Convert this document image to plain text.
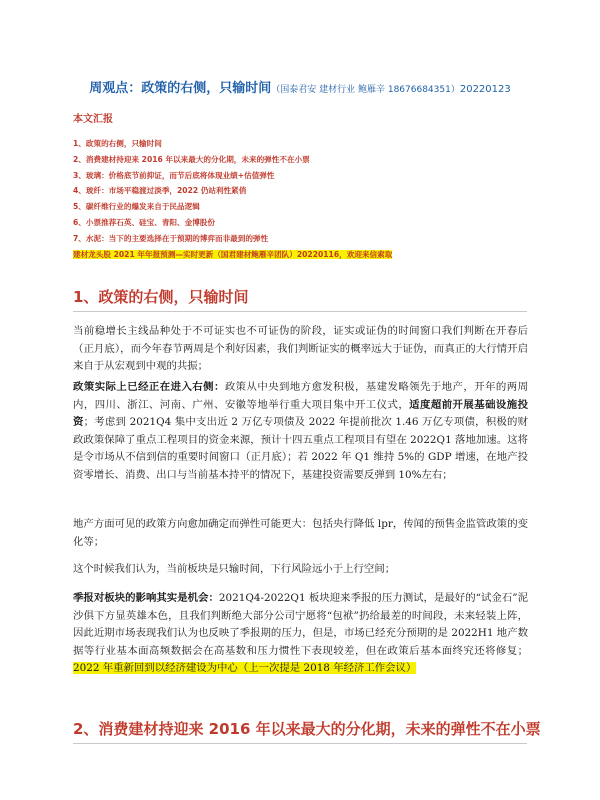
周观点：政策的右侧，只输时间（国泰君安 建材行业 鲍雁辛 18676684351）20220123
本文汇报
1、政策的右侧，只输时间
2、消费建材持迎来 2016 年以来最大的分化期，未来的弹性不在小票
3、玻璃：价格底节前抑证，而节后底将体现业绩+估值弹性
4、玻纤：市场平稳渡过淡季，2022 仍站利性紧俏
5、碳纤维行业的爆发来自于民品逻辑
6、小票推荐石英、硅宝、青阳、金博股份
7、水泥：当下的主要选择在于预期的博弈而非最到的弹性
建材龙头股 2021 年年报预测—实时更新（国君建材鲍雁辛团队）20220116，欢迎来信索取
1、政策的右侧，只输时间
当前稳增长主线品种处于不可证实也不可证伪的阶段，证实或证伪的时间窗口我们判断在开春后（正月底），而今年春节两周是个利好因素，我们判断证实的概率远大于证伪，而真正的大行情开启来自于从宏观到中观的共振；
政策实际上已经正在进入右侧：政策从中央到地方愈发积极，基建发略领先于地产，开年的两周内，四川、浙江、河南、广州、安徽等地举行重大项目集中开工仪式，适度超前开展基础设施投资；考虑到 2021Q4 集中支出近 2 万亿专项债及 2022 年提前批次 1.46 万亿专项债，积极的财政政策保障了重点工程项目的资金来源，预计十四五重点工程项目有望在 2022Q1 落地加速。这将是令市场从不信到信的重要时间窗口（正月底）；若 2022 年 Q1 维持 5%的 GDP 增速，在地产投资零增长、消费、出口与当前基本持平的情况下，基建投资需要反弹到 10%左右；
地产方面可见的政策方向愈加确定而弹性可能更大：包括央行降低 lpr，传闻的预售金监管政策的变化等；
这个时候我们认为，当前板块是只输时间，下行风险远小于上行空间；
季报对板块的影响其实是机会：2021Q4-2022Q1 板块迎来季报的压力测试，是最好的“试金石”泥沙俱下方显英雄本色，且我们判断绝大部分公司宁愿将“包袱”扔给最差的时间段，未来轻装上阵，因此近期市场表现我们认为也反映了季报期的压力，但是，市场已经充分预期的是 2022H1 地产数据等行业基本面高频数据会在高基数和压力惯性下表现较差，但在政策后基本面终究还将修复；2022 年重新回到以经济建设为中心（上一次提是 2018 年经济工作会议）
2、消费建材持迎来 2016 年以来最大的分化期，未来的弹性不在小票
